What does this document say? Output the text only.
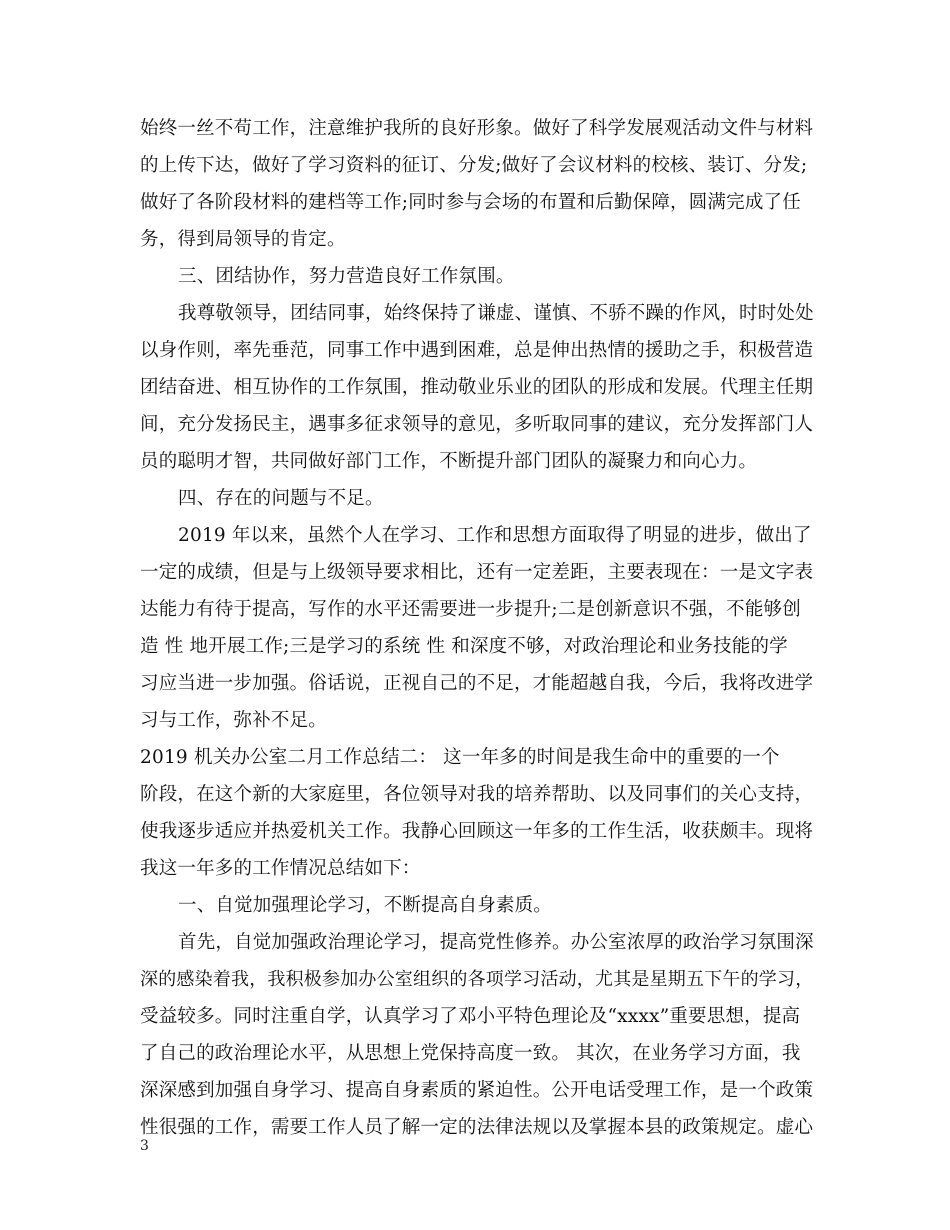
始终一丝不苟工作，注意维护我所的良好形象。做好了科学发展观活动文件与材料
的上传下达，做好了学习资料的征订、分发;做好了会议材料的校核、装订、分发;
做好了各阶段材料的建档等工作;同时参与会场的布置和后勤保障，圆满完成了任
务，得到局领导的肯定。
三、团结协作，努力营造良好工作氛围。
我尊敬领导，团结同事，始终保持了谦虚、谨慎、不骄不躁的作风，时时处处
以身作则，率先垂范，同事工作中遇到困难，总是伸出热情的援助之手，积极营造
团结奋进、相互协作的工作氛围，推动敬业乐业的团队的形成和发展。代理主任期
间，充分发扬民主，遇事多征求领导的意见，多听取同事的建议，充分发挥部门人
员的聪明才智，共同做好部门工作，不断提升部门团队的凝聚力和向心力。
四、存在的问题与不足。
2019 年以来，虽然个人在学习、工作和思想方面取得了明显的进步，做出了
一定的成绩，但是与上级领导要求相比，还有一定差距，主要表现在：一是文字表
达能力有待于提高，写作的水平还需要进一步提升;二是创新意识不强，不能够创
造 性 地开展工作;三是学习的系统 性 和深度不够，对政治理论和业务技能的学
习应当进一步加强。俗话说，正视自己的不足，才能超越自我，今后，我将改进学
习与工作，弥补不足。
2019 机关办公室二月工作总结二： 这一年多的时间是我生命中的重要的一个
阶段，在这个新的大家庭里，各位领导对我的培养帮助、以及同事们的关心支持，
使我逐步适应并热爱机关工作。我静心回顾这一年多的工作生活，收获颇丰。现将
我这一年多的工作情况总结如下：
一、自觉加强理论学习，不断提高自身素质。
首先，自觉加强政治理论学习，提高党性修养。办公室浓厚的政治学习氛围深
深的感染着我，我积极参加办公室组织的各项学习活动，尤其是星期五下午的学习，
受益较多。同时注重自学，认真学习了邓小平特色理论及“xxxx”重要思想，提高
了自己的政治理论水平，从思想上党保持高度一致。 其次，在业务学习方面，我
深深感到加强自身学习、提高自身素质的紧迫性。公开电话受理工作，是一个政策
性很强的工作，需要工作人员了解一定的法律法规以及掌握本县的政策规定。虚心
3
